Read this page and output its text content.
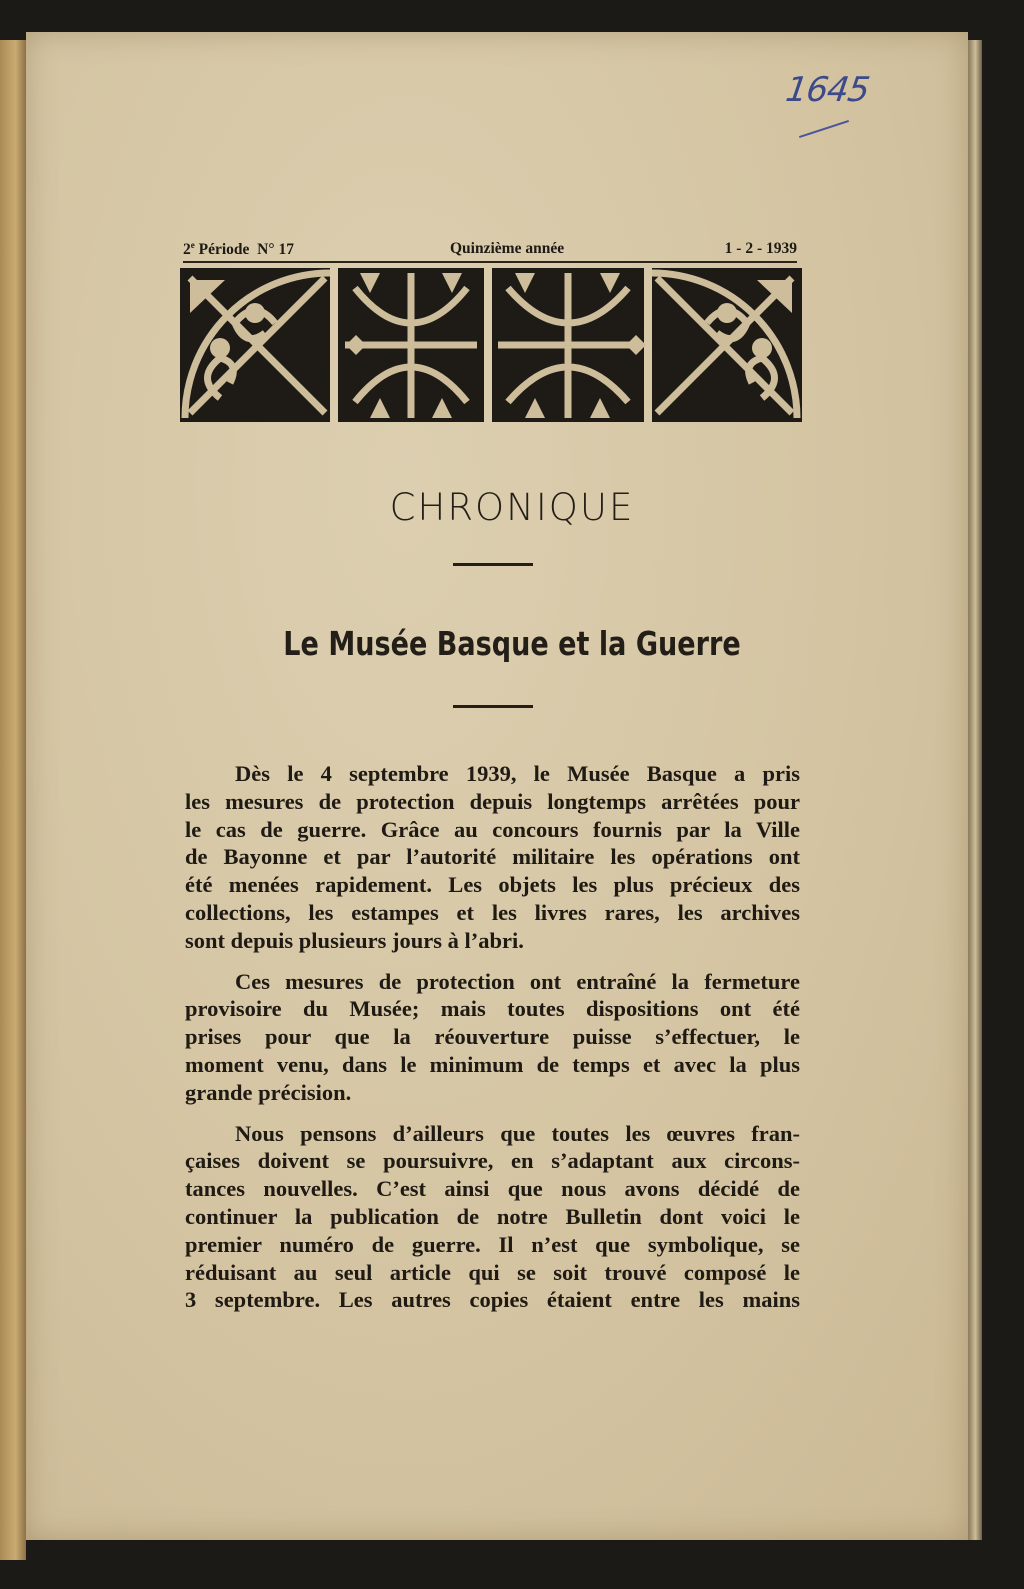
1645
2e Période N° 17	Quinzième année	1 - 2 - 1939
CHRONIQUE
Le Musée Basque et la Guerre
Dès le 4 septembre 1939, le Musée Basque a pris
les mesures de protection depuis longtemps arrêtées pour
le cas de guerre. Grâce au concours fournis par la Ville
de Bayonne et par l’autorité militaire les opérations ont
été menées rapidement. Les objets les plus précieux des
collections, les estampes et les livres rares, les archives
sont depuis plusieurs jours à l’abri.
Ces mesures de protection ont entraîné la fermeture
provisoire du Musée; mais toutes dispositions ont été
prises pour que la réouverture puisse s’effectuer, le
moment venu, dans le minimum de temps et avec la plus
grande précision.
Nous pensons d’ailleurs que toutes les œuvres fran-
çaises doivent se poursuivre, en s’adaptant aux circons-
tances nouvelles. C’est ainsi que nous avons décidé de
continuer la publication de notre Bulletin dont voici le
premier numéro de guerre. Il n’est que symbolique, se
réduisant au seul article qui se soit trouvé composé le
3 septembre. Les autres copies étaient entre les mains
